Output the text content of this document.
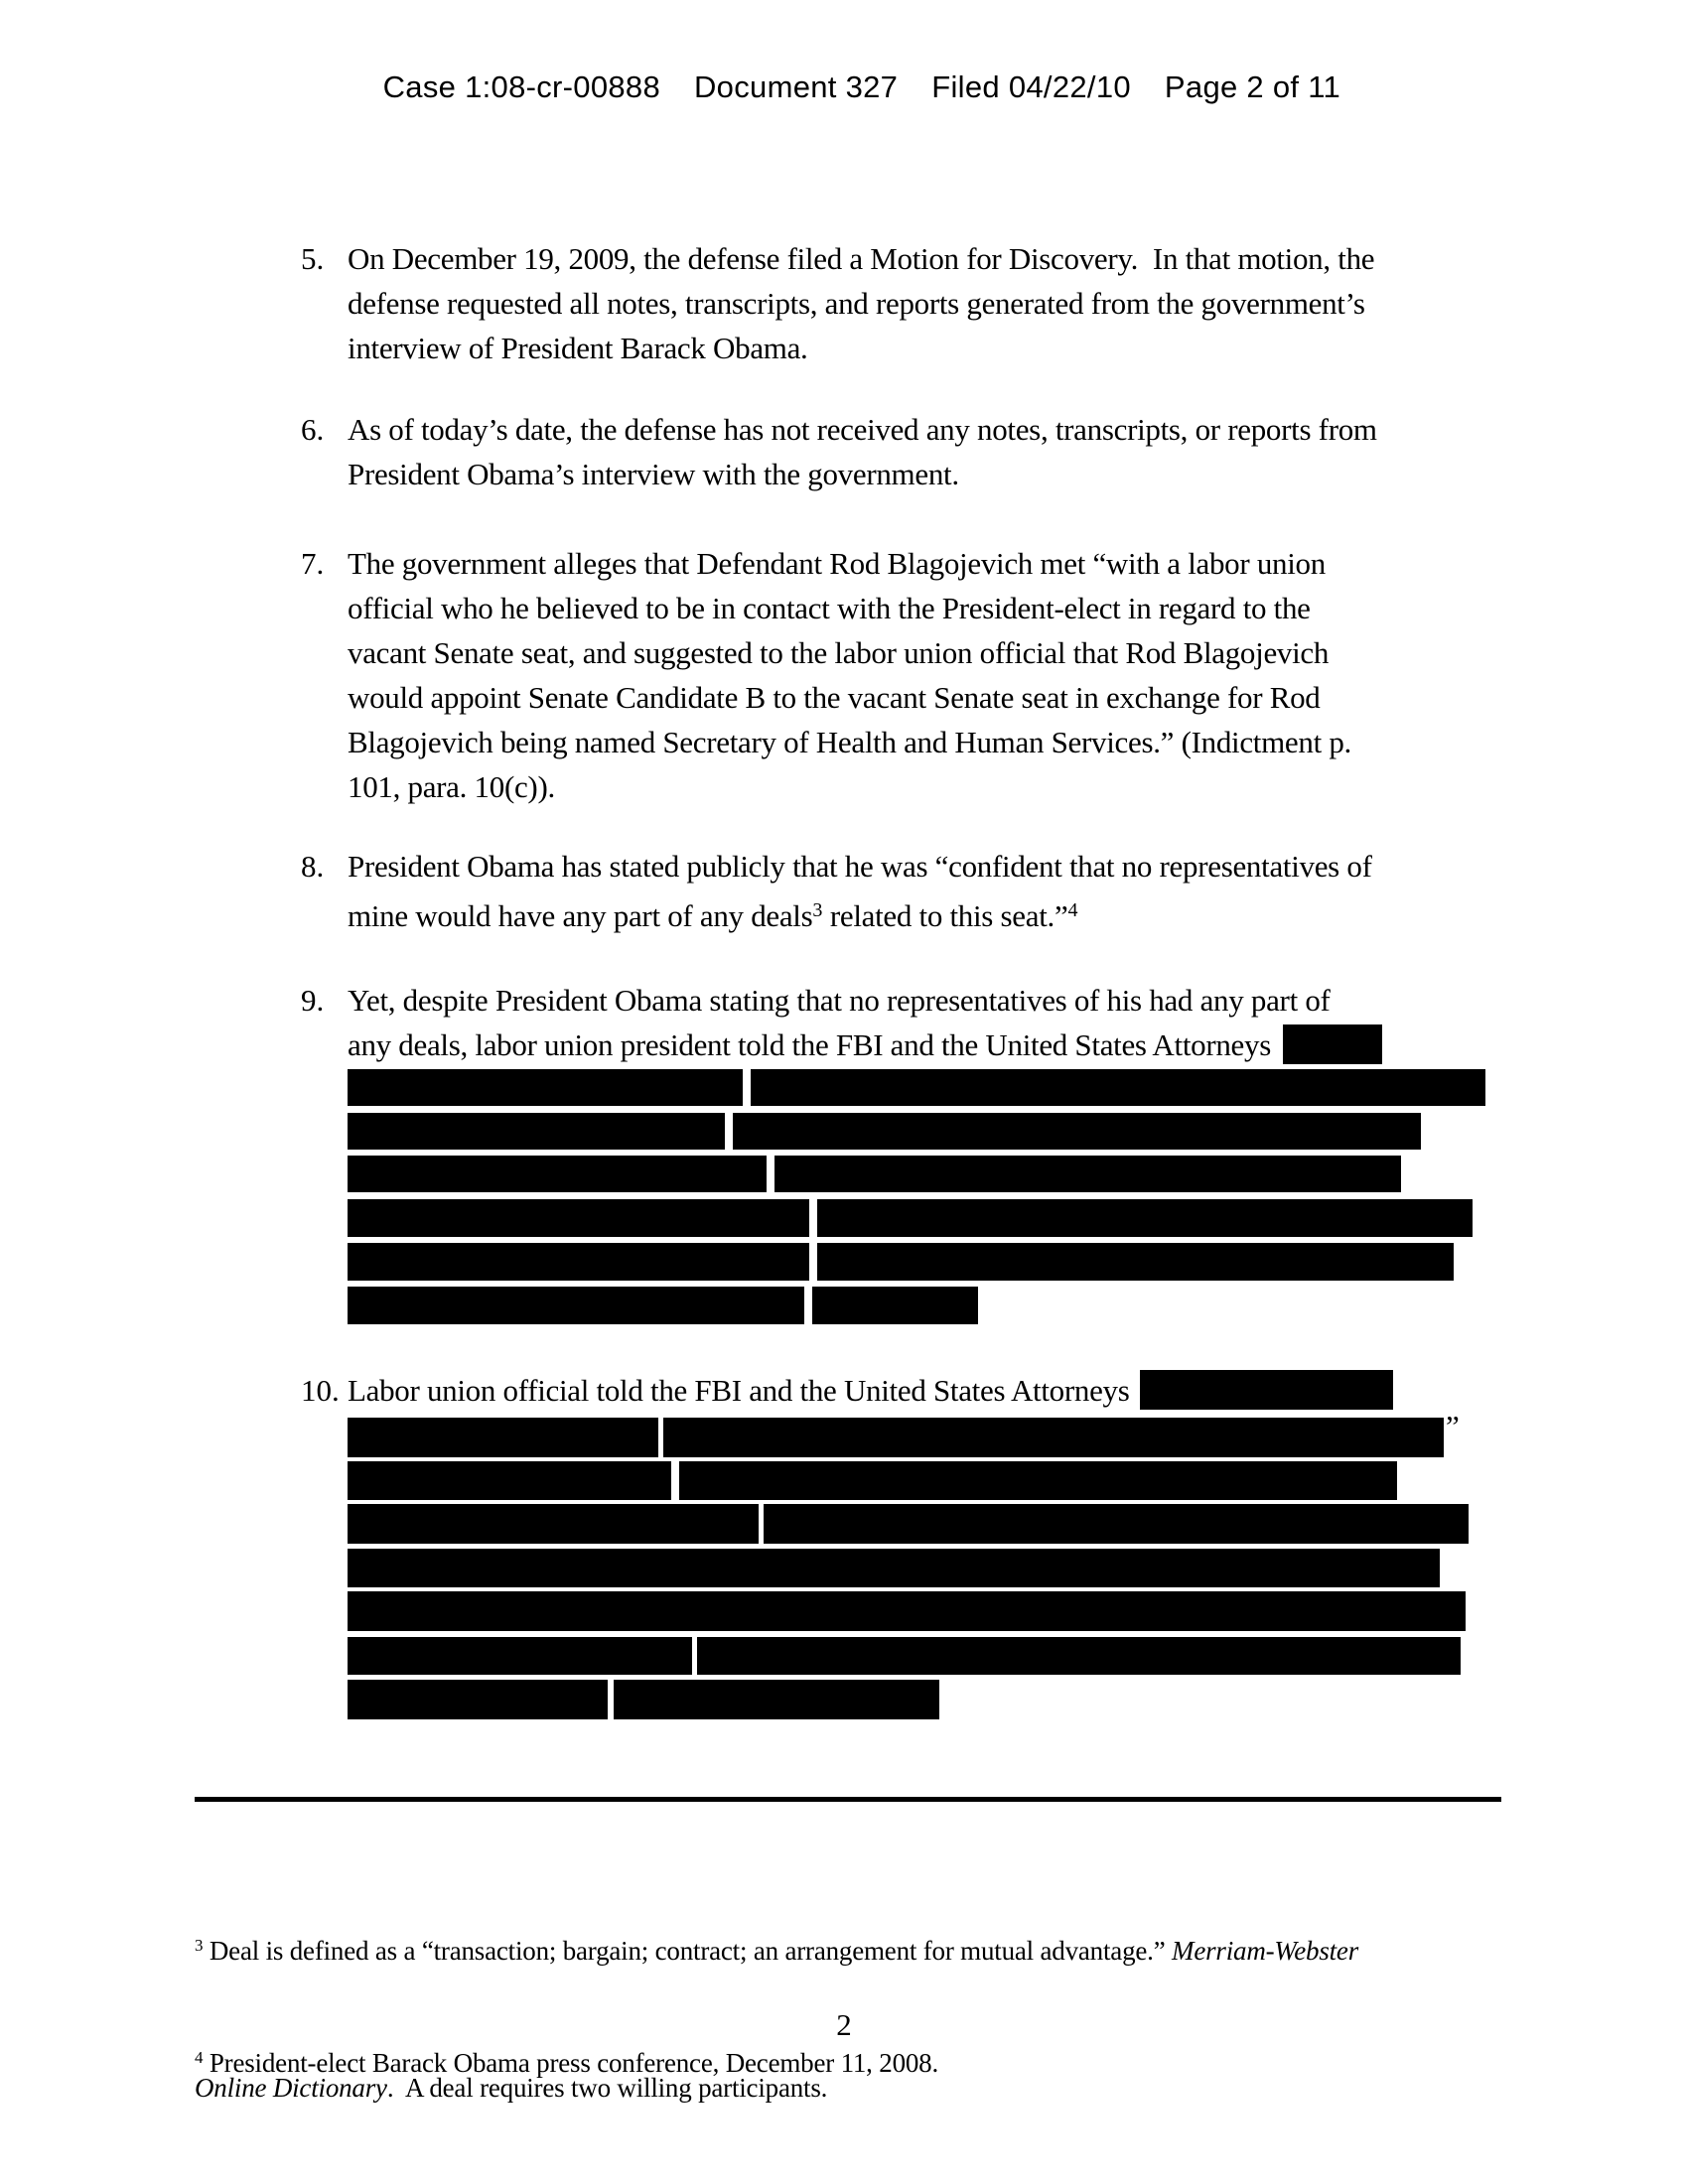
Case 1:08-cr-00888 Document 327 Filed 04/22/10 Page 2 of 11

5. On December 19, 2009, the defense filed a Motion for Discovery.  In that motion, the
defense requested all notes, transcripts, and reports generated from the government’s
interview of President Barack Obama.
6. As of today’s date, the defense has not received any notes, transcripts, or reports from
President Obama’s interview with the government.
7. The government alleges that Defendant Rod Blagojevich met “with a labor union
official who he believed to be in contact with the President-elect in regard to the
vacant Senate seat, and suggested to the labor union official that Rod Blagojevich
would appoint Senate Candidate B to the vacant Senate seat in exchange for Rod
Blagojevich being named Secretary of Health and Human Services.” (Indictment p.
101, para. 10(c)).
8. President Obama has stated publicly that he was “confident that no representatives of
mine would have any part of any deals$^3$ related to this seat.”$^4$
9. Yet, despite President Obama stating that no representatives of his had any part of
any deals, labor union president told the FBI and the United States Attorneys
10. Labor union official told the FBI and the United States Attorneys
”

$^3$ Deal is defined as a “transaction; bargain; contract; an arrangement for mutual advantage.” Merriam-Webster

Online Dictionary.  A deal requires two willing participants.

$^4$ President-elect Barack Obama press conference, December 11, 2008.

2
